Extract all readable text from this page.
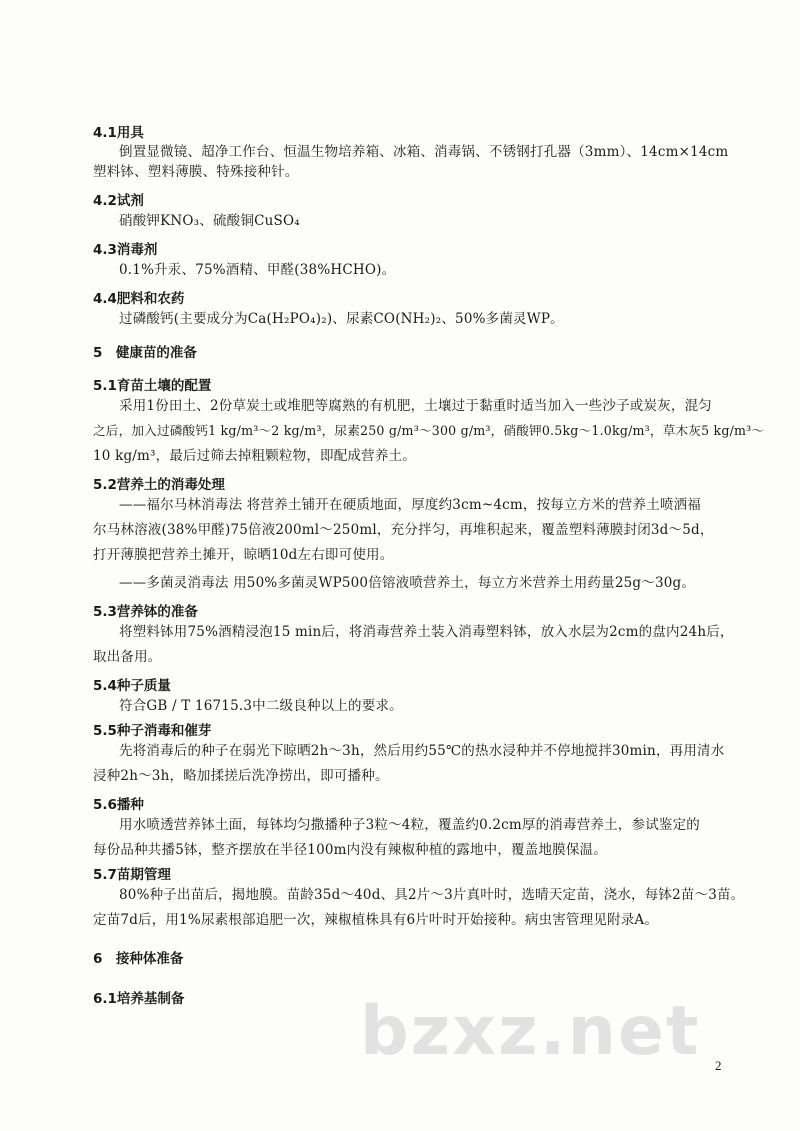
4.1用具
倒置显微镜、超净工作台、恒温生物培养箱、冰箱、消毒锅、不锈钢打孔器（3mm）、14cm×14cm
塑料钵、塑料薄膜、特殊接种针。
4.2试剂
硝酸钾KNO₃、硫酸铜CuSO₄
4.3消毒剂
0.1%升汞、75%酒精、甲醛(38%HCHO)。
4.4肥料和农药
过磷酸钙(主要成分为Ca(H₂PO₄)₂)、尿素CO(NH₂)₂、50%多菌灵WP。
5　健康苗的准备
5.1育苗土壤的配置
采用1份田土、2份草炭土或堆肥等腐熟的有机肥，土壤过于黏重时适当加入一些沙子或炭灰，混匀
之后，加入过磷酸钙1 kg/m³～2 kg/m³，尿素250 g/m³～300 g/m³，硝酸钾0.5kg～1.0kg/m³，草木灰5 kg/m³～
10 kg/m³，最后过筛去掉粗颗粒物，即配成营养土。
5.2营养土的消毒处理
——福尔马林消毒法 将营养土铺开在硬质地面，厚度约3cm~4cm，按每立方米的营养土喷洒福
尔马林溶液(38%甲醛)75倍液200ml～250ml，充分拌匀，再堆积起来，覆盖塑料薄膜封闭3d～5d，
打开薄膜把营养土摊开，晾晒10d左右即可使用。
——多菌灵消毒法 用50%多菌灵WP500倍镕液喷营养土，每立方米营养土用药量25g～30g。
5.3营养钵的准备
将塑料钵用75%酒精浸泡15 min后，将消毒营养土装入消毒塑料钵，放入水层为2cm的盘内24h后，
取出备用。
5.4种子质量
符合GB / T 16715.3中二级良种以上的要求。
5.5种子消毒和催芽
先将消毒后的种子在弱光下晾晒2h～3h，然后用约55℃的热水浸种并不停地搅拌30min，再用清水
浸种2h～3h，略加揉搓后洗净捞出，即可播种。
5.6播种
用水喷透营养钵土面，每钵均匀撒播种子3粒～4粒，覆盖约0.2cm厚的消毒营养土，参试鉴定的
每份品种共播5钵，整齐摆放在半径100m内没有辣椒种植的露地中，覆盖地膜保温。
5.7苗期管理
80%种子出苗后，揭地膜。苗龄35d～40d、具2片～3片真叶时，选晴天定苗，浇水，每钵2苗～3苗。
定苗7d后，用1%尿素根部追肥一次，辣椒植株具有6片叶时开始接种。病虫害管理见附录A。
6　接种体准备
6.1培养基制备	bzxz.net 2
